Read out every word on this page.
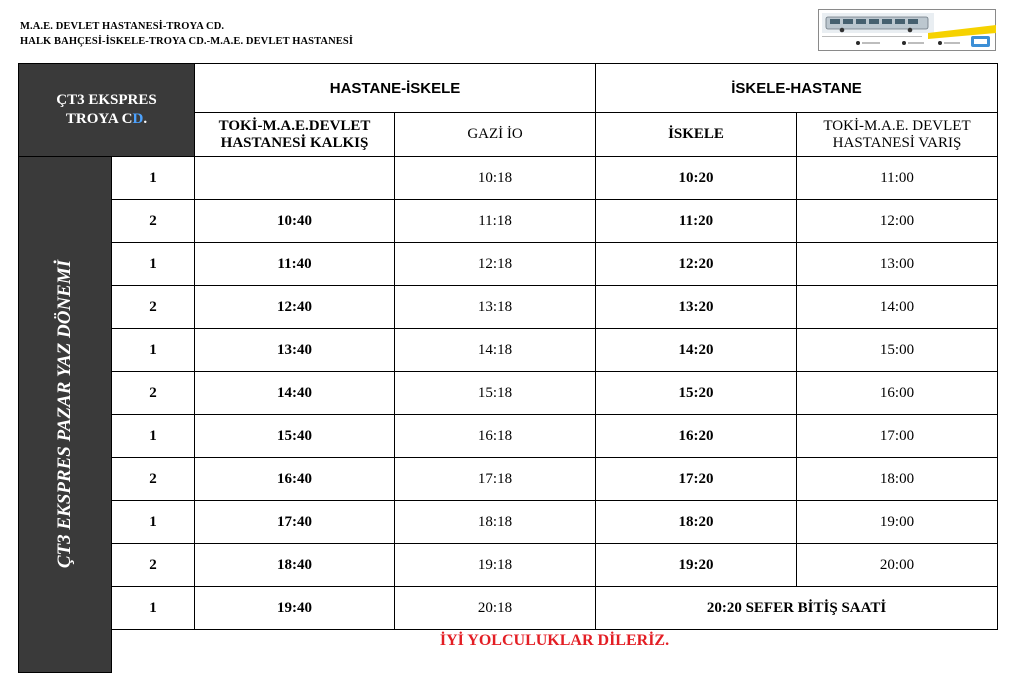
M.A.E. DEVLET HASTANESİ-TROYA CD.
HALK BAHÇESİ-İSKELE-TROYA CD.-M.A.E. DEVLET HASTANESİ
ÇT3 EKSPRES
TROYA CD.		HASTANE-İSKELE		İSKELE-HASTANE	
		TOKİ-M.A.E.DEVLET HASTANESİ KALKIŞ	GAZİ İO	İSKELE	TOKİ-M.A.E. DEVLET HASTANESİ VARIŞ

ÇT3 EKSPRES PAZAR YAZ DÖNEMİ	1		10:18	10:20	11:00
	2	10:40	11:18	11:20	12:00
	1	11:40	12:18	12:20	13:00
	2	12:40	13:18	13:20	14:00
	1	13:40	14:18	14:20	15:00
	2	14:40	15:18	15:20	16:00
	1	15:40	16:18	16:20	17:00
	2	16:40	17:18	17:20	18:00
	1	17:40	18:18	18:20	19:00
	2	18:40	19:18	19:20	20:00
	1	19:40	20:18	20:20 SEFER BİTİŞ SAATİ	

İYİ YOLCULUKLAR DİLERİZ.
